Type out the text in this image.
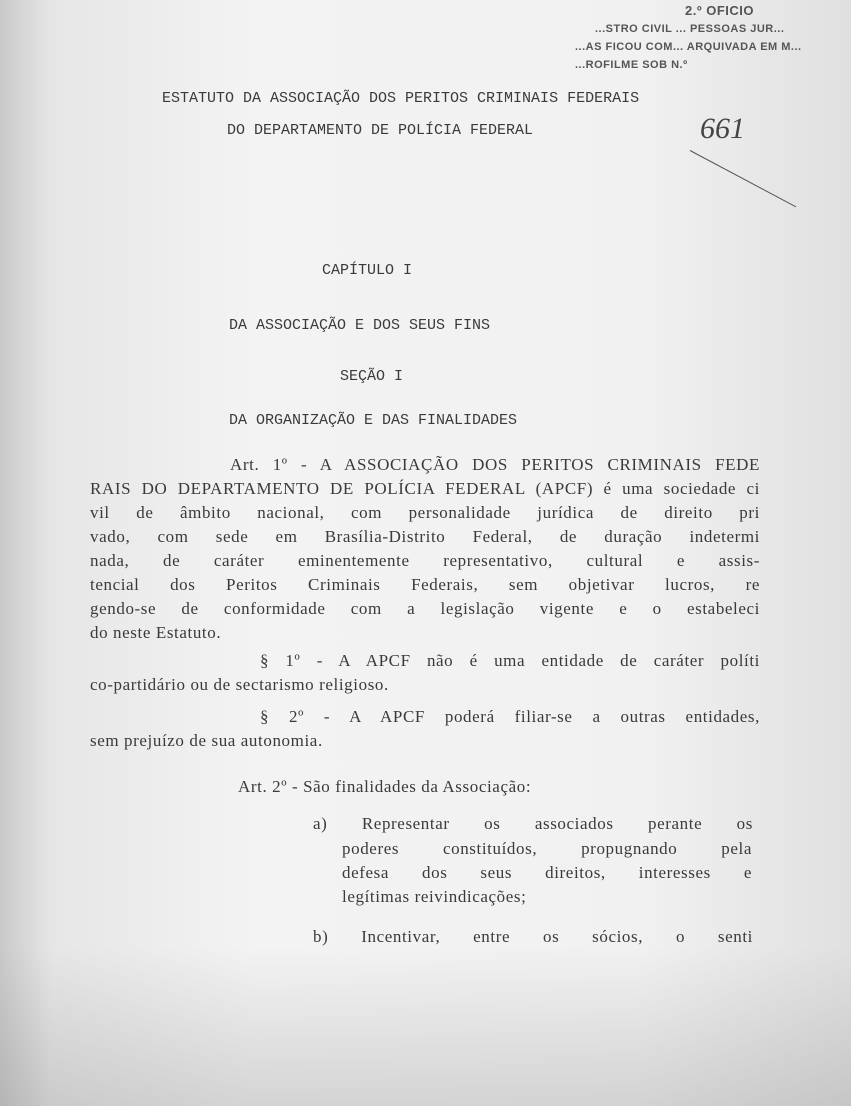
2.º OFICIO
...STRO CIVIL ... PESSOAS JUR...
...AS FICOU COM... ARQUIVADA EM M...
...ROFILME SOB N.º
661
ESTATUTO DA ASSOCIAÇÃO DOS PERITOS CRIMINAIS FEDERAIS
DO DEPARTAMENTO DE POLÍCIA FEDERAL
CAPÍTULO I
DA ASSOCIAÇÃO E DOS SEUS FINS
SEÇÃO I
DA ORGANIZAÇÃO E DAS FINALIDADES
Art. 1º - A ASSOCIAÇÃO DOS PERITOS CRIMINAIS FEDE
RAIS DO DEPARTAMENTO DE POLÍCIA FEDERAL (APCF) é uma sociedade ci
vil de âmbito nacional, com personalidade jurídica de direito pri
vado, com sede em Brasília-Distrito Federal, de duração indetermi
nada, de caráter eminentemente representativo, cultural e assis-
tencial dos Peritos Criminais Federais, sem objetivar lucros, re
gendo-se de conformidade com a legislação vigente e o estabeleci
do neste Estatuto.
§ 1º - A APCF não é uma entidade de caráter políti
co-partidário ou de sectarismo religioso.
§ 2º - A APCF poderá filiar-se a outras entidades,
sem prejuízo de sua autonomia.
Art. 2º - São finalidades da Associação:
a) Representar os associados perante os
poderes constituídos, propugnando pela
defesa dos seus direitos, interesses e
legítimas reivindicações;
b) Incentivar, entre os sócios, o senti
